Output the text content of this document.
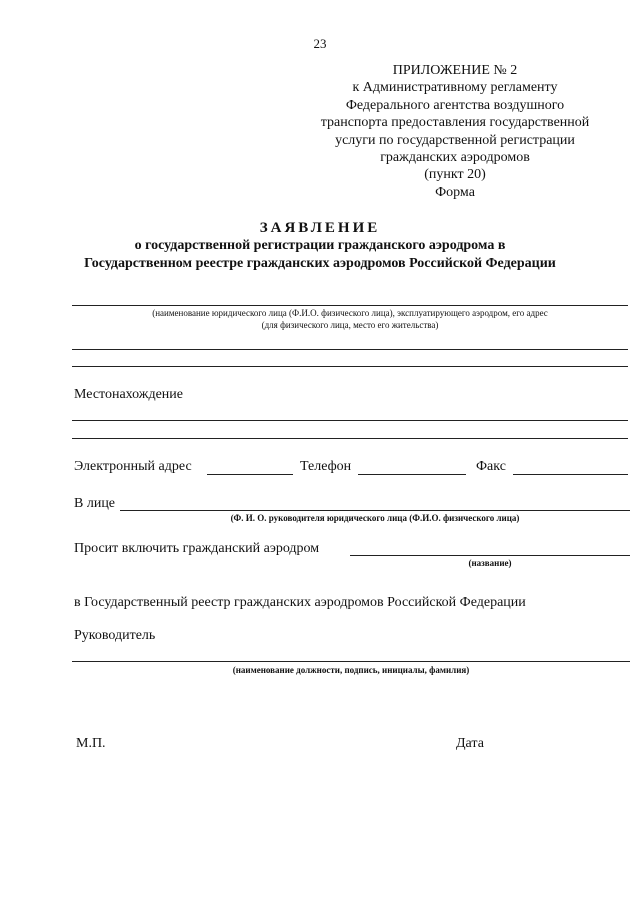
23
ПРИЛОЖЕНИЕ № 2
к Административному регламенту
Федерального агентства воздушного
транспорта предоставления государственной
услуги по государственной регистрации
гражданских аэродромов
(пункт 20)
Форма
ЗАЯВЛЕНИЕ
о государственной регистрации гражданского аэродрома в
Государственном реестре гражданских аэродромов Российской Федерации
(наименование юридического лица (Ф.И.О. физического лица), эксплуатирующего аэродром, его адрес
(для физического лица, место его жительства)
Местонахождение
Электронный адрес	Телефон	Факс
В лице
(Ф. И. О. руководителя юридического лица (Ф.И.О. физического лица)
Просит включить гражданский аэродром
(название)
в Государственный реестр гражданских аэродромов Российской Федерации
Руководитель
(наименование должности, подпись, инициалы, фамилия)
М.П.	Дата
